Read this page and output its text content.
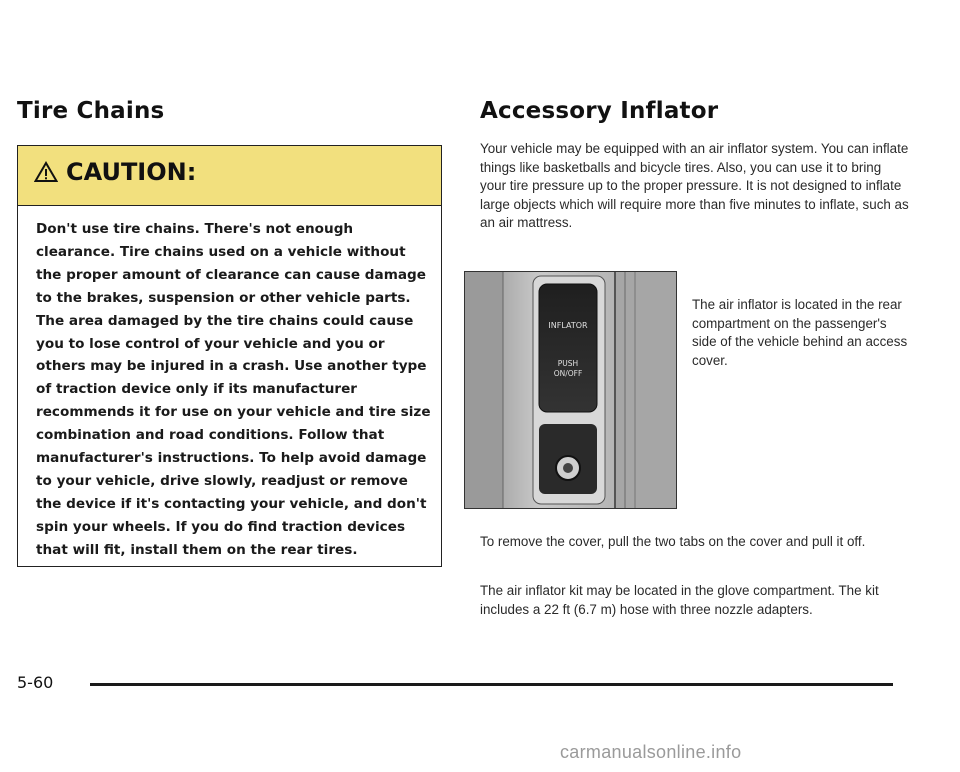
Tire Chains
CAUTION:
Don't use tire chains. There's not enough clearance. Tire chains used on a vehicle without the proper amount of clearance can cause damage to the brakes, suspension or other vehicle parts. The area damaged by the tire chains could cause you to lose control of your vehicle and you or others may be injured in a crash. Use another type of traction device only if its manufacturer recommends it for use on your vehicle and tire size combination and road conditions. Follow that manufacturer's instructions. To help avoid damage to your vehicle, drive slowly, readjust or remove the device if it's contacting your vehicle, and don't spin your wheels. If you do find traction devices that will fit, install them on the rear tires.
Accessory Inflator
Your vehicle may be equipped with an air inflator system. You can inflate things like basketballs and bicycle tires. Also, you can use it to bring your tire pressure up to the proper pressure. It is not designed to inflate large objects which will require more than five minutes to inflate, such as an air mattress.
INFLATOR
PUSH
ON/OFF
The air inflator is located in the rear compartment on the passenger's side of the vehicle behind an access cover.
To remove the cover, pull the two tabs on the cover and pull it off.
The air inflator kit may be located in the glove compartment. The kit includes a 22 ft (6.7 m) hose with three nozzle adapters.
5-60
carmanualsonline.info
